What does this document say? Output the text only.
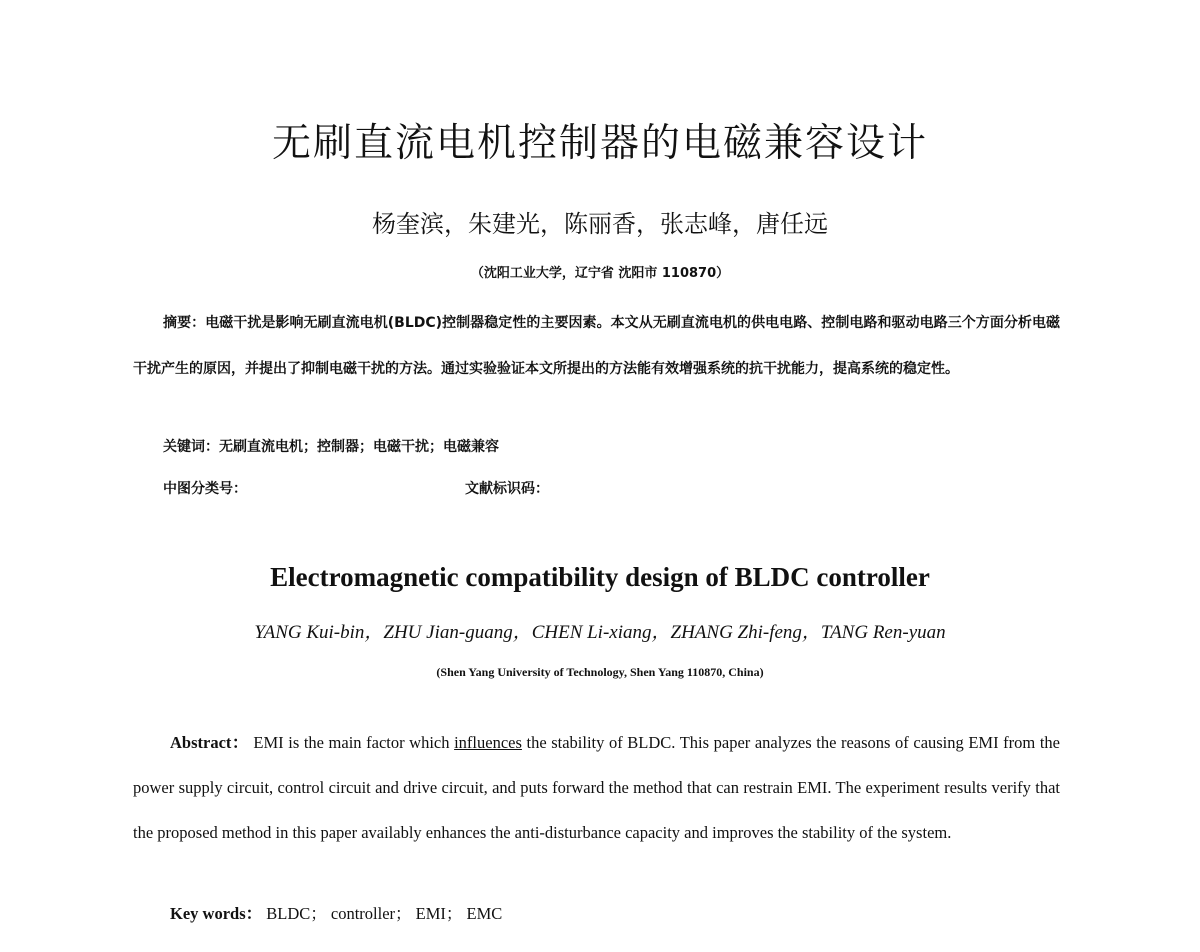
无刷直流电机控制器的电磁兼容设计
杨奎滨，朱建光，陈丽香，张志峰，唐任远
（沈阳工业大学，辽宁省 沈阳市 110870）
摘要：电磁干扰是影响无刷直流电机(BLDC)控制器稳定性的主要因素。本文从无刷直流电机的供电电路、控制电路和驱动电路三个方面分析电磁干扰产生的原因，并提出了抑制电磁干扰的方法。通过实验验证本文所提出的方法能有效增强系统的抗干扰能力，提高系统的稳定性。
关键词：无刷直流电机；控制器；电磁干扰；电磁兼容
中图分类号：	文献标识码：
Electromagnetic compatibility design of BLDC controller
YANG Kui-bin，ZHU Jian-guang，CHEN Li-xiang，ZHANG Zhi-feng，TANG Ren-yuan
(Shen Yang University of Technology, Shen Yang 110870, China)
Abstract： EMI is the main factor which influences the stability of BLDC. This paper analyzes the reasons of causing EMI from the power supply circuit, control circuit and drive circuit, and puts forward the method that can restrain EMI. The experiment results verify that the proposed method in this paper availably enhances the anti-disturbance capacity and improves the stability of the system.
Key words： BLDC； controller； EMI； EMC
